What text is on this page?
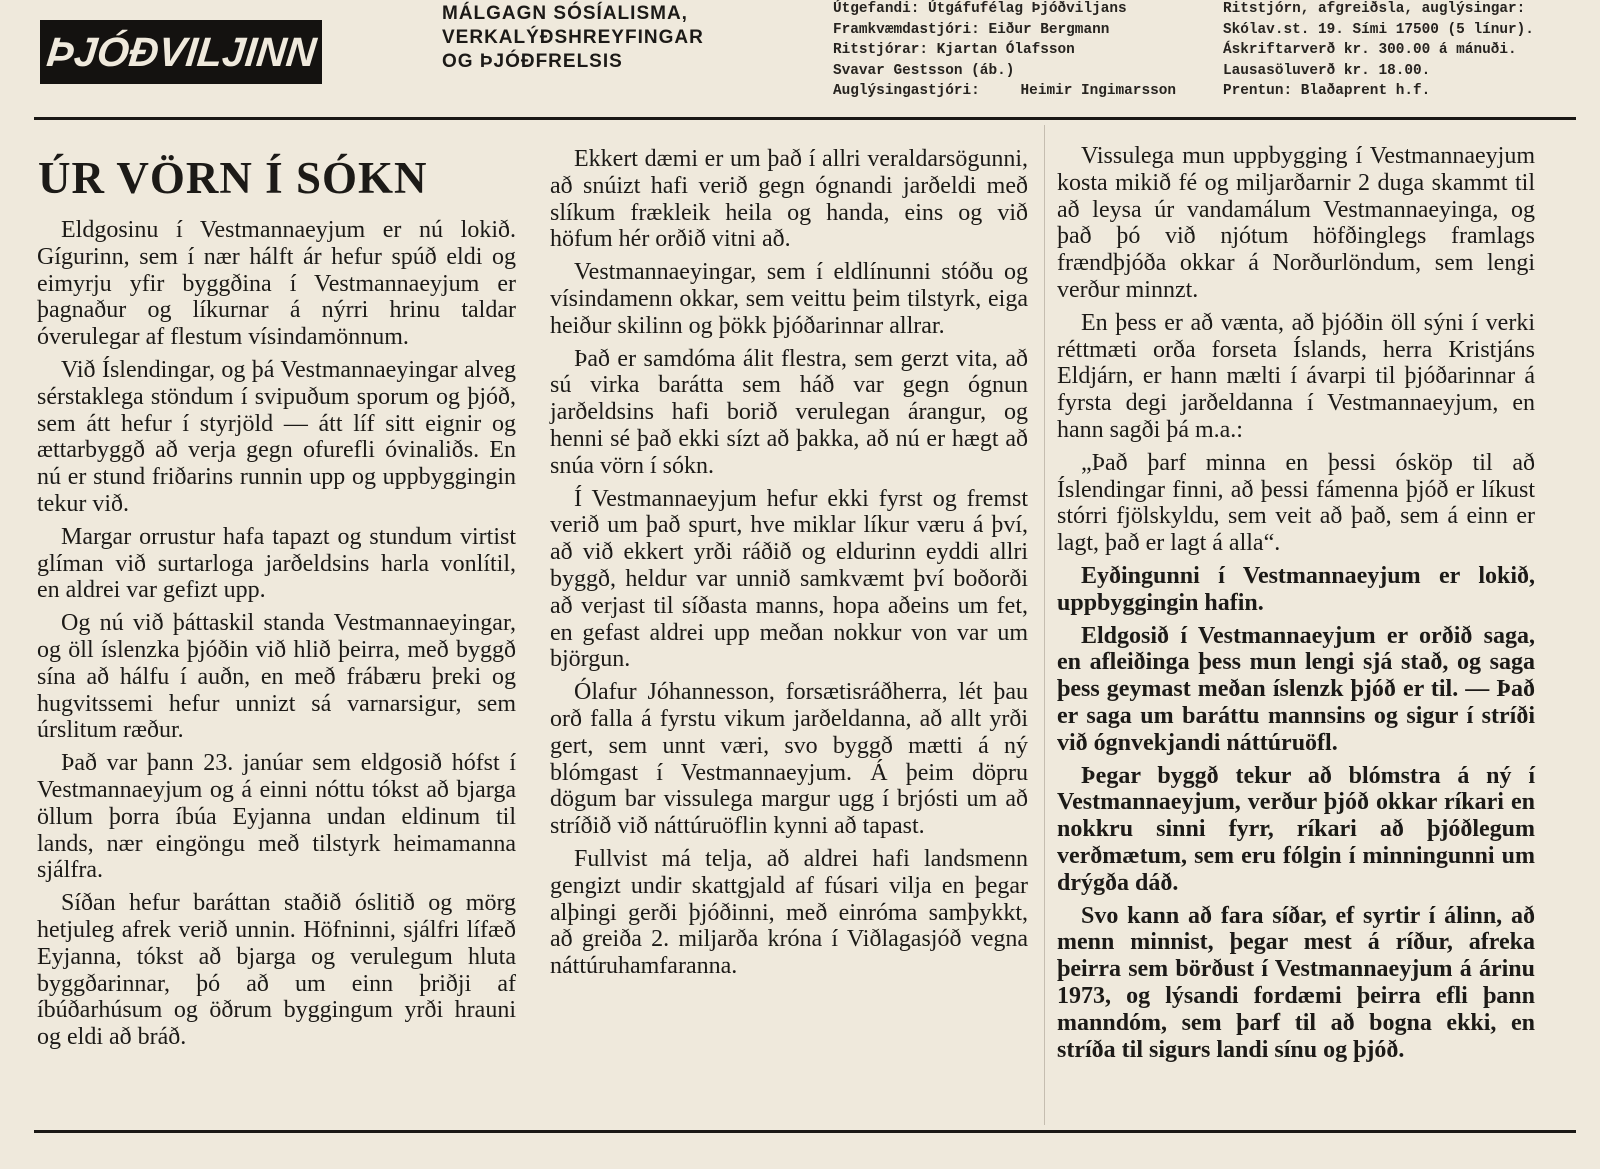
ÞJÓÐVILJINN
MÁLGAGN SÓSÍALISMA,
VERKALÝÐSHREYFINGAR
OG ÞJÓÐFRELSIS
Útgefandi: Útgáfufélag Þjóðviljans
Framkvæmdastjóri: Eiður Bergmann
Ritstjórar: Kjartan Ólafsson
Svavar Gestsson (áb.)
Auglýsingastjóri:	Heimir Ingimarsson
Ritstjórn, afgreiðsla, auglýsingar:
Skólav.st. 19. Sími 17500 (5 línur).
Áskriftarverð kr. 300.00 á mánuði.
Lausasöluverð kr. 18.00.
Prentun: Blaðaprent h.f.
ÚR VÖRN Í SÓKN

Eldgosinu í Vestmannaeyjum er nú lokið. Gígurinn, sem í nær hálft ár hefur spúð eldi og eimyrju yfir byggðina í Vestmannaeyjum er þagnaður og líkurnar á nýrri hrinu taldar óverulegar af flestum vísindamönnum.

Við Íslendingar, og þá Vestmannaeyingar alveg sérstaklega stöndum í svipuðum sporum og þjóð, sem átt hefur í styrjöld — átt líf sitt eignir og ættarbyggð að verja gegn ofurefli óvinaliðs. En nú er stund friðarins runnin upp og uppbyggingin tekur við.

Margar orrustur hafa tapazt og stundum virtist glíman við surtarloga jarðeldsins harla vonlítil, en aldrei var gefizt upp.

Og nú við þáttaskil standa Vestmannaeyingar, og öll íslenzka þjóðin við hlið þeirra, með byggð sína að hálfu í auðn, en með frábæru þreki og hugvitssemi hefur unnizt sá varnarsigur, sem úrslitum ræður.

Það var þann 23. janúar sem eldgosið hófst í Vestmannaeyjum og á einni nóttu tókst að bjarga öllum þorra íbúa Eyjanna undan eldinum til lands, nær eingöngu með tilstyrk heimamanna sjálfra.

Síðan hefur baráttan staðið óslitið og mörg hetjuleg afrek verið unnin. Höfninni, sjálfri lífæð Eyjanna, tókst að bjarga og verulegum hluta byggðarinnar, þó að um einn þriðji af íbúðarhúsum og öðrum byggingum yrði hrauni og eldi að bráð.

Ekkert dæmi er um það í allri veraldarsögunni, að snúizt hafi verið gegn ógnandi jarðeldi með slíkum frækleik heila og handa, eins og við höfum hér orðið vitni að.

Vestmannaeyingar, sem í eldlínunni stóðu og vísindamenn okkar, sem veittu þeim tilstyrk, eiga heiður skilinn og þökk þjóðarinnar allrar.

Það er samdóma álit flestra, sem gerzt vita, að sú virka barátta sem háð var gegn ógnun jarðeldsins hafi borið verulegan árangur, og henni sé það ekki sízt að þakka, að nú er hægt að snúa vörn í sókn.

Í Vestmannaeyjum hefur ekki fyrst og fremst verið um það spurt, hve miklar líkur væru á því, að við ekkert yrði ráðið og eldurinn eyddi allri byggð, heldur var unnið samkvæmt því boðorði að verjast til síðasta manns, hopa aðeins um fet, en gefast aldrei upp meðan nokkur von var um björgun.

Ólafur Jóhannesson, forsætisráðherra, lét þau orð falla á fyrstu vikum jarðeldanna, að allt yrði gert, sem unnt væri, svo byggð mætti á ný blómgast í Vestmannaeyjum. Á þeim döpru dögum bar vissulega margur ugg í brjósti um að stríðið við náttúruöflin kynni að tapast.

Fullvist má telja, að aldrei hafi landsmenn gengizt undir skattgjald af fúsari vilja en þegar alþingi gerði þjóðinni, með einróma samþykkt, að greiða 2. miljarða króna í Viðlagasjóð vegna náttúruhamfaranna.

Vissulega mun uppbygging í Vestmannaeyjum kosta mikið fé og miljarðarnir 2 duga skammt til að leysa úr vandamálum Vestmannaeyinga, og það þó við njótum höfðinglegs framlags frændþjóða okkar á Norðurlöndum, sem lengi verður minnzt.

En þess er að vænta, að þjóðin öll sýni í verki réttmæti orða forseta Íslands, herra Kristjáns Eldjárn, er hann mælti í ávarpi til þjóðarinnar á fyrsta degi jarðeldanna í Vestmannaeyjum, en hann sagði þá m.a.:

„Það þarf minna en þessi ósköp til að Íslendingar finni, að þessi fámenna þjóð er líkust stórri fjölskyldu, sem veit að það, sem á einn er lagt, það er lagt á alla“.

Eyðingunni í Vestmannaeyjum er lokið, uppbyggingin hafin.

Eldgosið í Vestmannaeyjum er orðið saga, en afleiðinga þess mun lengi sjá stað, og saga þess geymast meðan íslenzk þjóð er til. — Það er saga um baráttu mannsins og sigur í stríði við ógnvekjandi náttúruöfl.

Þegar byggð tekur að blómstra á ný í Vestmannaeyjum, verður þjóð okkar ríkari en nokkru sinni fyrr, ríkari að þjóðlegum verðmætum, sem eru fólgin í minningunni um drýgða dáð.

Svo kann að fara síðar, ef syrtir í álinn, að menn minnist, þegar mest á ríður, afreka þeirra sem börðust í Vestmannaeyjum á árinu 1973, og lýsandi fordæmi þeirra efli þann manndóm, sem þarf til að bogna ekki, en stríða til sigurs landi sínu og þjóð.
